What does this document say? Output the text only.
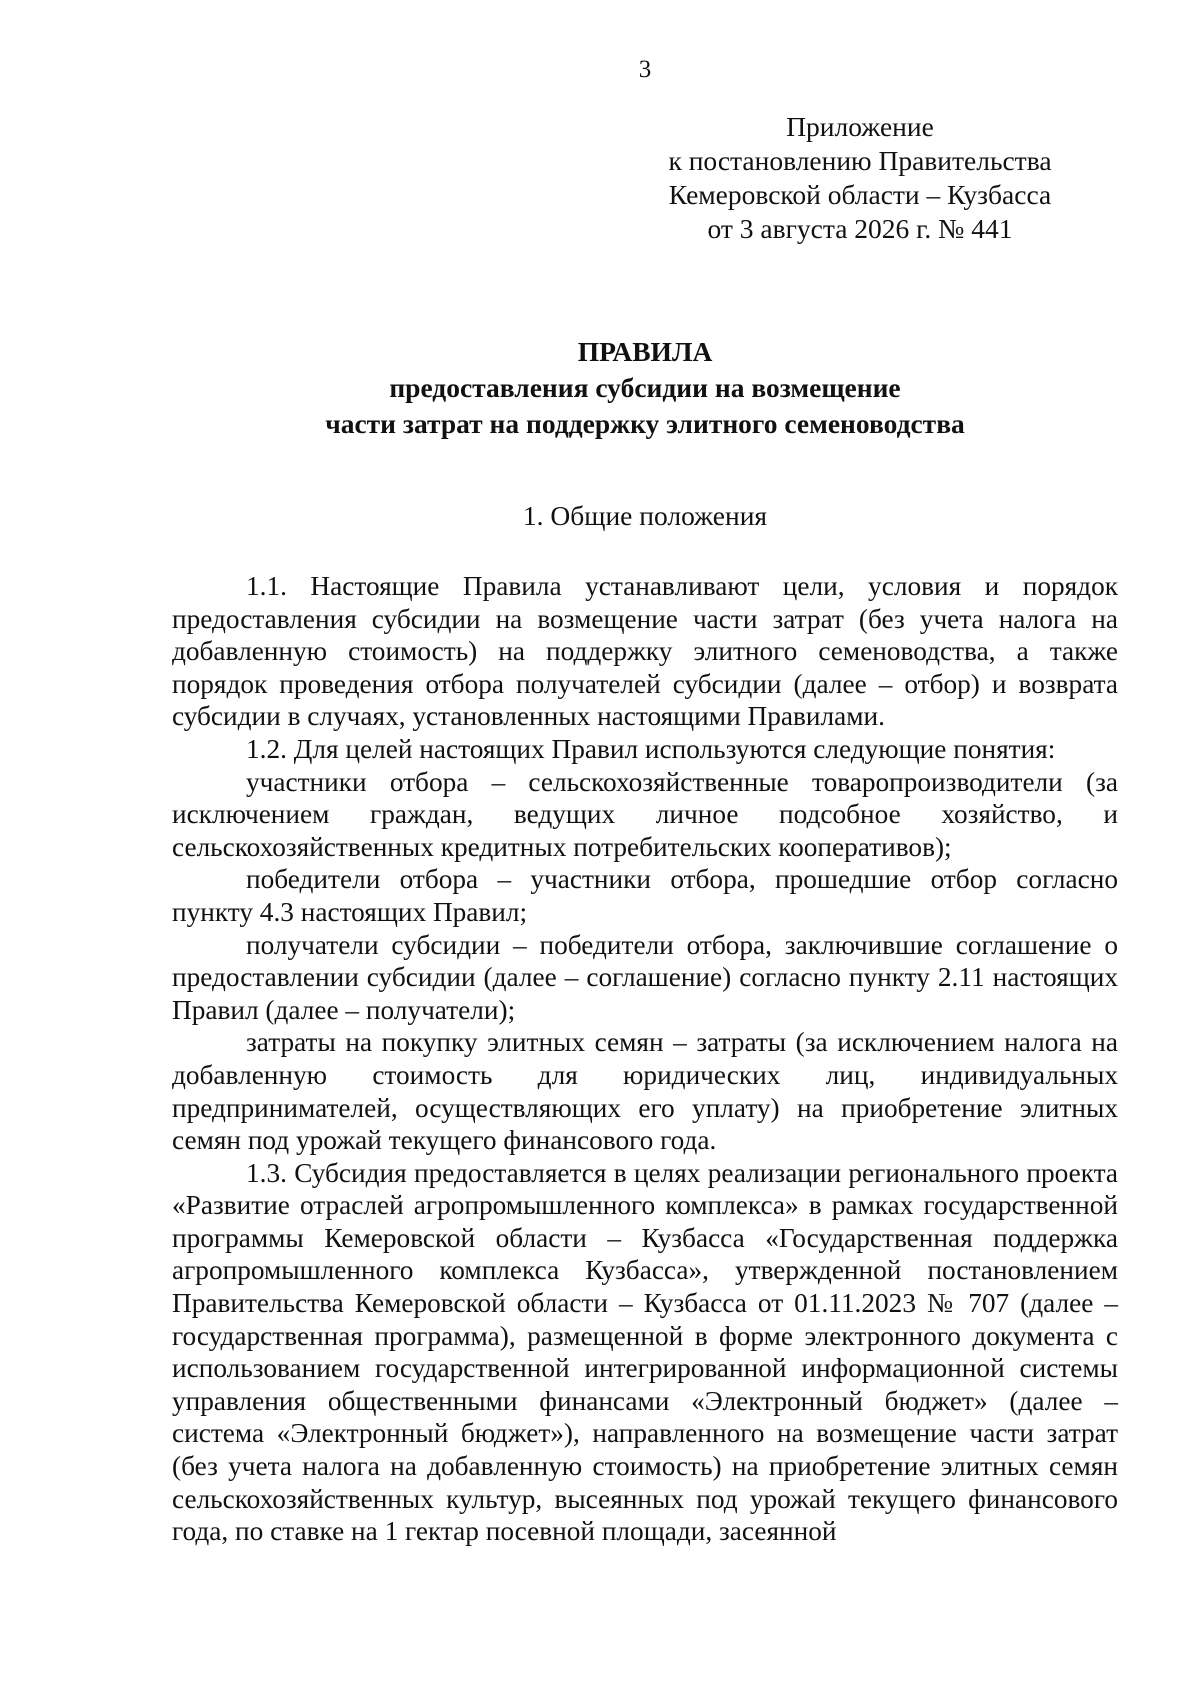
3
Приложение
к постановлению Правительства
Кемеровской области – Кузбасса
от 3 августа 2026 г. № 441
ПРАВИЛА
предоставления субсидии на возмещение
части затрат на поддержку элитного семеноводства
1. Общие положения

1.1. Настоящие Правила устанавливают цели, условия и порядок предоставления субсидии на возмещение части затрат (без учета налога на добавленную стоимость) на поддержку элитного семеноводства, а также порядок проведения отбора получателей субсидии (далее – отбор) и возврата субсидии в случаях, установленных настоящими Правилами.

1.2. Для целей настоящих Правил используются следующие понятия:

участники отбора – сельскохозяйственные товаропроизводители (за исключением граждан, ведущих личное подсобное хозяйство, и сельскохозяйственных кредитных потребительских кооперативов);

победители отбора – участники отбора, прошедшие отбор согласно пункту 4.3 настоящих Правил;

получатели субсидии – победители отбора, заключившие соглашение о предоставлении субсидии (далее – соглашение) согласно пункту 2.11 настоящих Правил (далее – получатели);

затраты на покупку элитных семян – затраты (за исключением налога на добавленную стоимость для юридических лиц, индивидуальных предпринимателей, осуществляющих его уплату) на приобретение элитных семян под урожай текущего финансового года.

1.3. Субсидия предоставляется в целях реализации регионального проекта «Развитие отраслей агропромышленного комплекса» в рамках государственной программы Кемеровской области – Кузбасса «Государственная поддержка агропромышленного комплекса Кузбасса», утвержденной постановлением Правительства Кемеровской области – Кузбасса от 01.11.2023 № 707 (далее – государственная программа), размещенной в форме электронного документа с использованием государственной интегрированной информационной системы управления общественными финансами «Электронный бюджет» (далее – система «Электронный бюджет»), направленного на возмещение части затрат (без учета налога на добавленную стоимость) на приобретение элитных семян сельскохозяйственных культур, высеянных под урожай текущего финансового года, по ставке на 1 гектар посевной площади, засеянной
